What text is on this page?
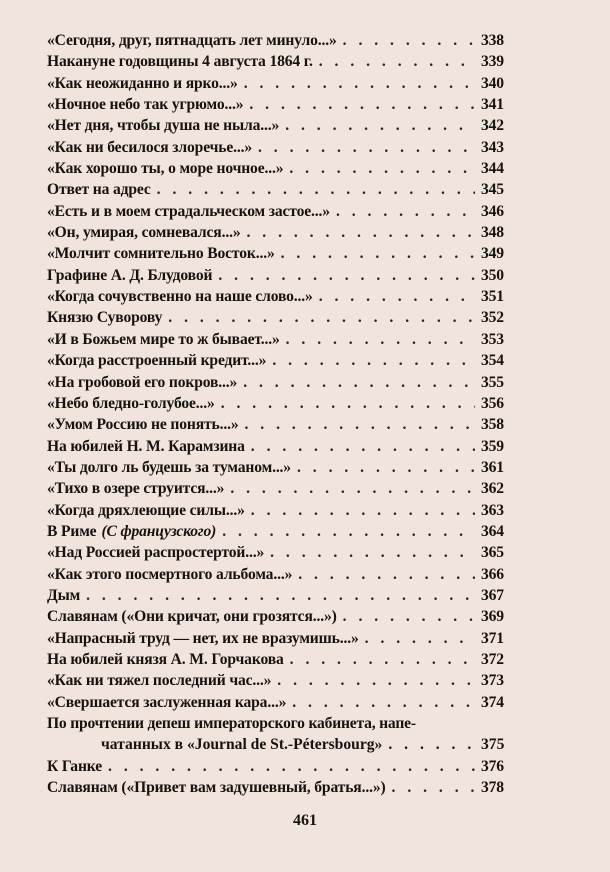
«Сегодня, друг, пятнадцать лет минуло...» . . .	338
Накануне годовщины 4 августа 1864 г. . . .	339
«Как неожиданно и ярко...» . . .	340
«Ночное небо так угрюмо...» . . .	341
«Нет дня, чтобы душа не ныла...» . . .	342
«Как ни бесилося злоречье...» . . .	343
«Как хорошо ты, о море ночное...» . . .	344
Ответ на адрес . . .	345
«Есть и в моем страдальческом застое...» . . .	346
«Он, умирая, сомневался...» . . .	348
«Молчит сомнительно Восток...» . . .	349
Графине А. Д. Блудовой . . .	350
«Когда сочувственно на наше слово...» . . .	351
Князю Суворову . . .	352
«И в Божьем мире то ж бывает...» . . .	353
«Когда расстроенный кредит...» . . .	354
«На гробовой его покров...» . . .	355
«Небо бледно-голубое...» . . .	356
«Умом Россию не понять...» . . .	358
На юбилей Н. М. Карамзина . . .	359
«Ты долго ль будешь за туманом...» . . .	361
«Тихо в озере струится...» . . .	362
«Когда дряхлеющие силы...» . . .	363
В Риме (С французского) . . .	364
«Над Россией распростертой...» . . .	365
«Как этого посмертного альбома...» . . .	366
Дым . . .	367
Славянам («Они кричат, они грозятся...») . . .	369
«Напрасный труд — нет, их не вразумишь...» . . .	371
На юбилей князя А. М. Горчакова . . .	372
«Как ни тяжел последний час...» . . .	373
«Свершается заслуженная кара...» . . .	374
По прочтении депеш императорского кабинета, напе-
чатанных в «Journal de St.-Pétersbourg» . . .	375
К Ганке . . .	376
Славянам («Привет вам задушевный, братья...») . . .	378
461
